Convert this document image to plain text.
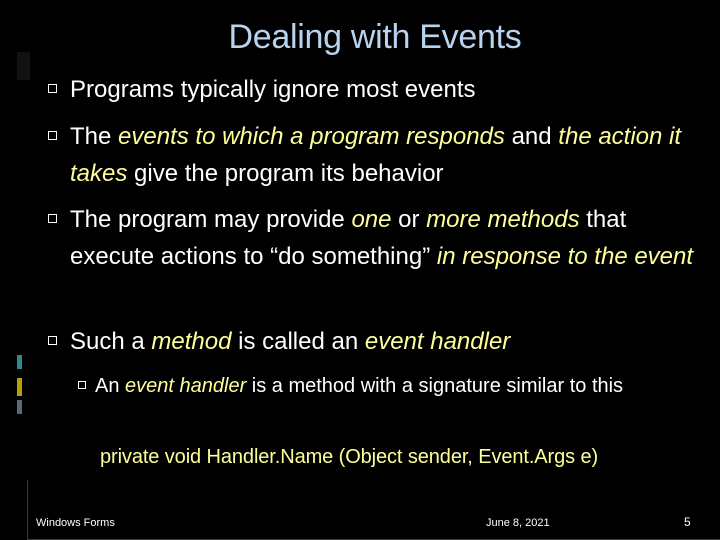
Dealing with Events
Programs typically ignore most events
The events to which a program responds and the action it takes give the program its behavior
The program may provide one or more methods that execute actions to “do something” in response to the event
Such a method is called an event handler
An event handler is a method with a signature similar to this
private void Handler.Name (Object sender, Event.Args e)
Windows Forms	June 8, 2021	5
